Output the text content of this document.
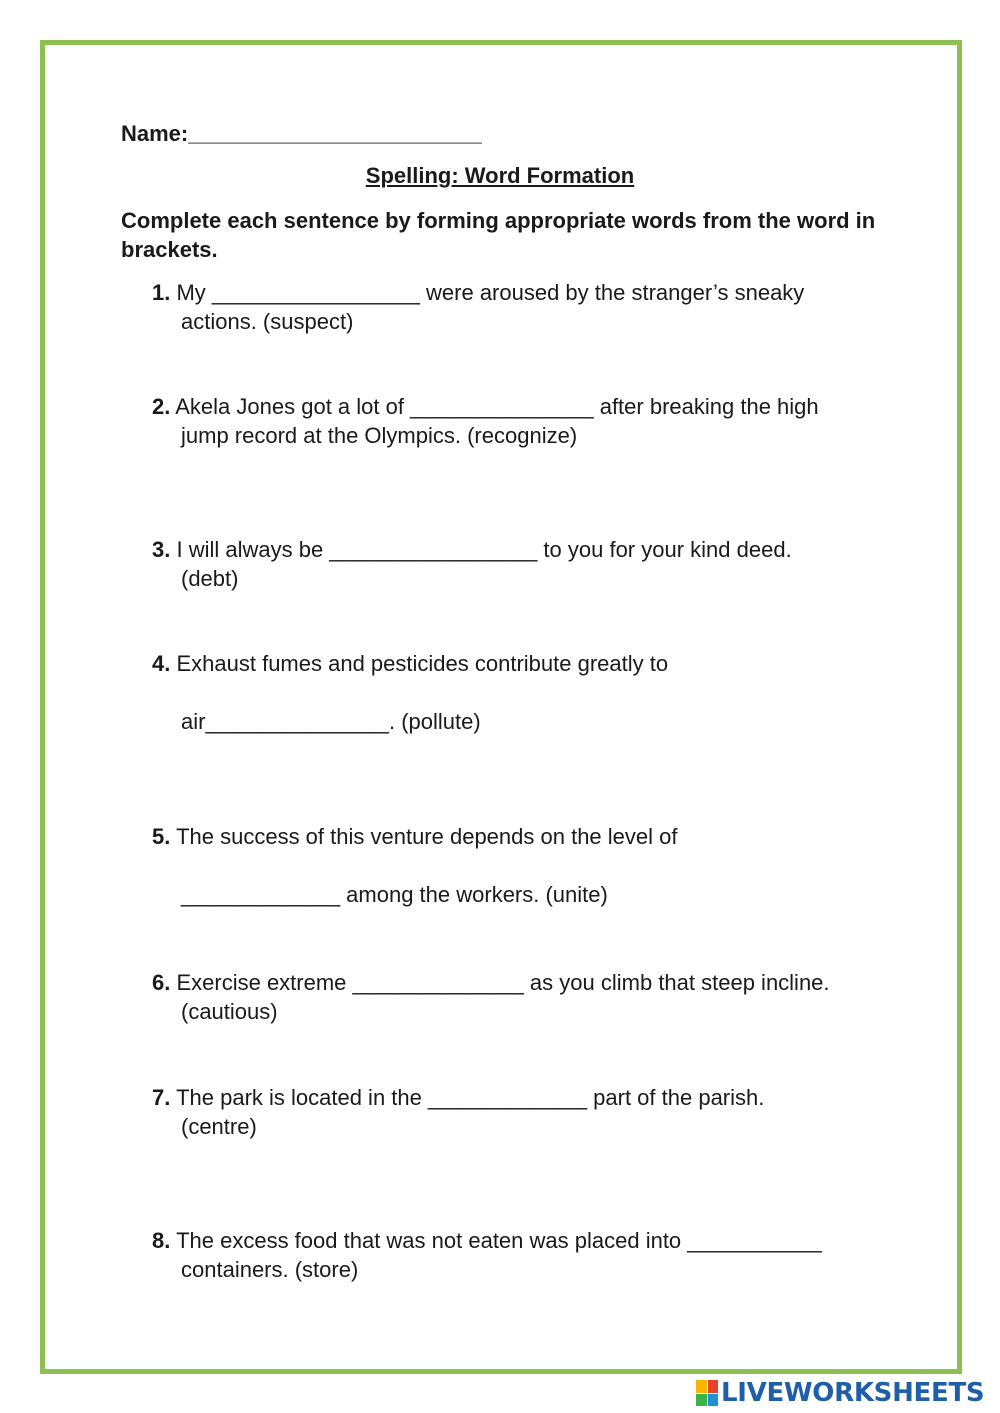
Name:________________________

Spelling: Word Formation

Complete each sentence by forming appropriate words from the word in brackets.

1. My _________________ were aroused by the stranger’s sneaky
actions. (suspect)
2. Akela Jones got a lot of _______________ after breaking the high
jump record at the Olympics. (recognize)
3. I will always be _________________ to you for your kind deed.
(debt)
4. Exhaust fumes and pesticides contribute greatly to
air_______________. (pollute)
5. The success of this venture depends on the level of
_____________ among the workers. (unite)
6. Exercise extreme ______________ as you climb that steep incline.
(cautious)
7. The park is located in the _____________ part of the parish.
(centre)
8. The excess food that was not eaten was placed into ___________
containers. (store)
LIVEWORKSHEETS
